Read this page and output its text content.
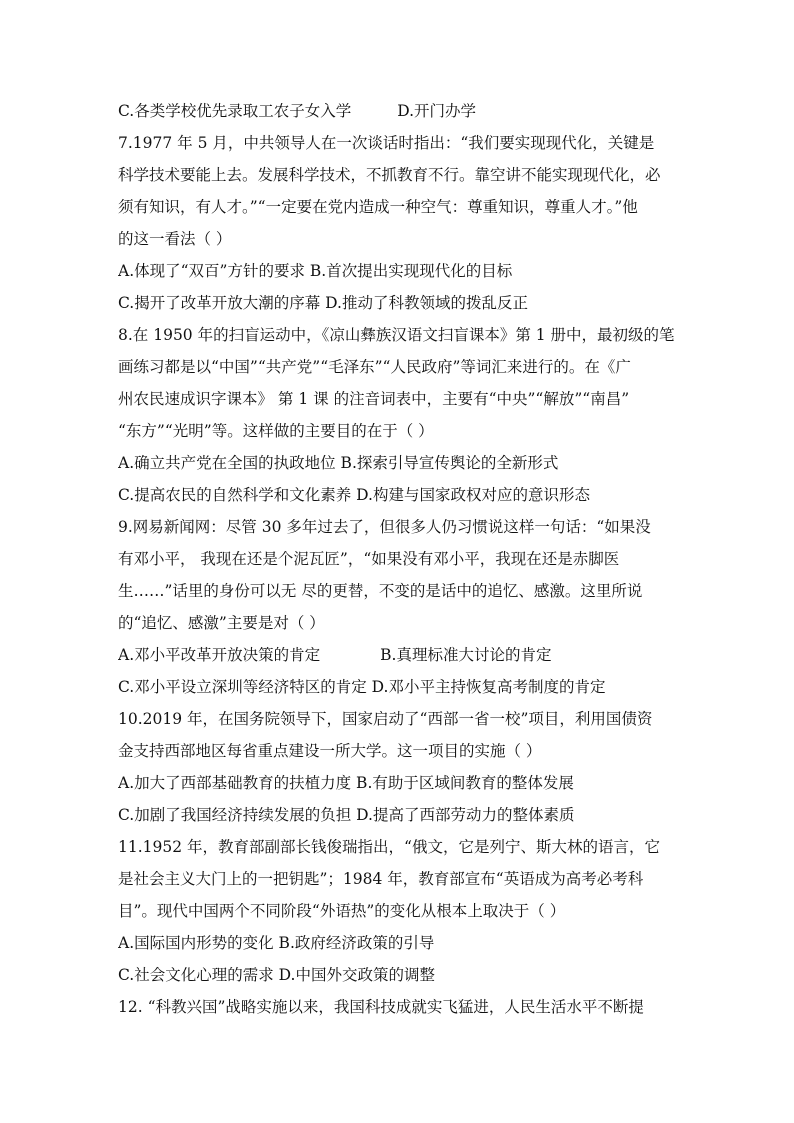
C.各类学校优先录取工农子女入学	D.开门办学
7.1977 年 5 月，中共领导人在一次谈话时指出：“我们要实现现代化，关键是
科学技术要能上去。发展科学技术，不抓教育不行。靠空讲不能实现现代化，必
须有知识，有人才。”“一定要在党内造成一种空气：尊重知识，尊重人才。”他
的这一看法（ ）
A.体现了“双百”方针的要求 B.首次提出实现现代化的目标
C.揭开了改革开放大潮的序幕 D.推动了科教领域的拨乱反正
8.在 1950 年的扫盲运动中，《凉山彝族汉语文扫盲课本》第 1 册中，最初级的笔
画练习都是以“中国”“共产党”“毛泽东”“人民政府”等词汇来进行的。在《广
州农民速成识字课本》 第 1 课 的注音词表中，主要有“中央”“解放”“南昌”
“东方”“光明”等。这样做的主要目的在于（ ）
A.确立共产党在全国的执政地位 B.探索引导宣传舆论的全新形式
C.提高农民的自然科学和文化素养 D.构建与国家政权对应的意识形态
9.网易新闻网：尽管 30 多年过去了，但很多人仍习惯说这样一句话：“如果没
有邓小平， 我现在还是个泥瓦匠”，“如果没有邓小平，我现在还是赤脚医
生……”话里的身份可以无 尽的更替，不变的是话中的追忆、感激。这里所说
的“追忆、感激”主要是对（ ）
A.邓小平改革开放决策的肯定	B.真理标准大讨论的肯定
C.邓小平设立深圳等经济特区的肯定 D.邓小平主持恢复高考制度的肯定
10.2019 年，在国务院领导下，国家启动了“西部一省一校”项目，利用国债资
金支持西部地区每省重点建设一所大学。这一项目的实施（ ）
A.加大了西部基础教育的扶植力度 B.有助于区域间教育的整体发展
C.加剧了我国经济持续发展的负担 D.提高了西部劳动力的整体素质
11.1952 年，教育部副部长钱俊瑞指出，“俄文，它是列宁、斯大林的语言，它
是社会主义大门上的一把钥匙”；1984 年，教育部宣布“英语成为高考必考科
目”。现代中国两个不同阶段“外语热”的变化从根本上取决于（ ）
A.国际国内形势的变化 B.政府经济政策的引导
C.社会文化心理的需求 D.中国外交政策的调整
12. “科教兴国”战略实施以来，我国科技成就实飞猛进，人民生活水平不断提
